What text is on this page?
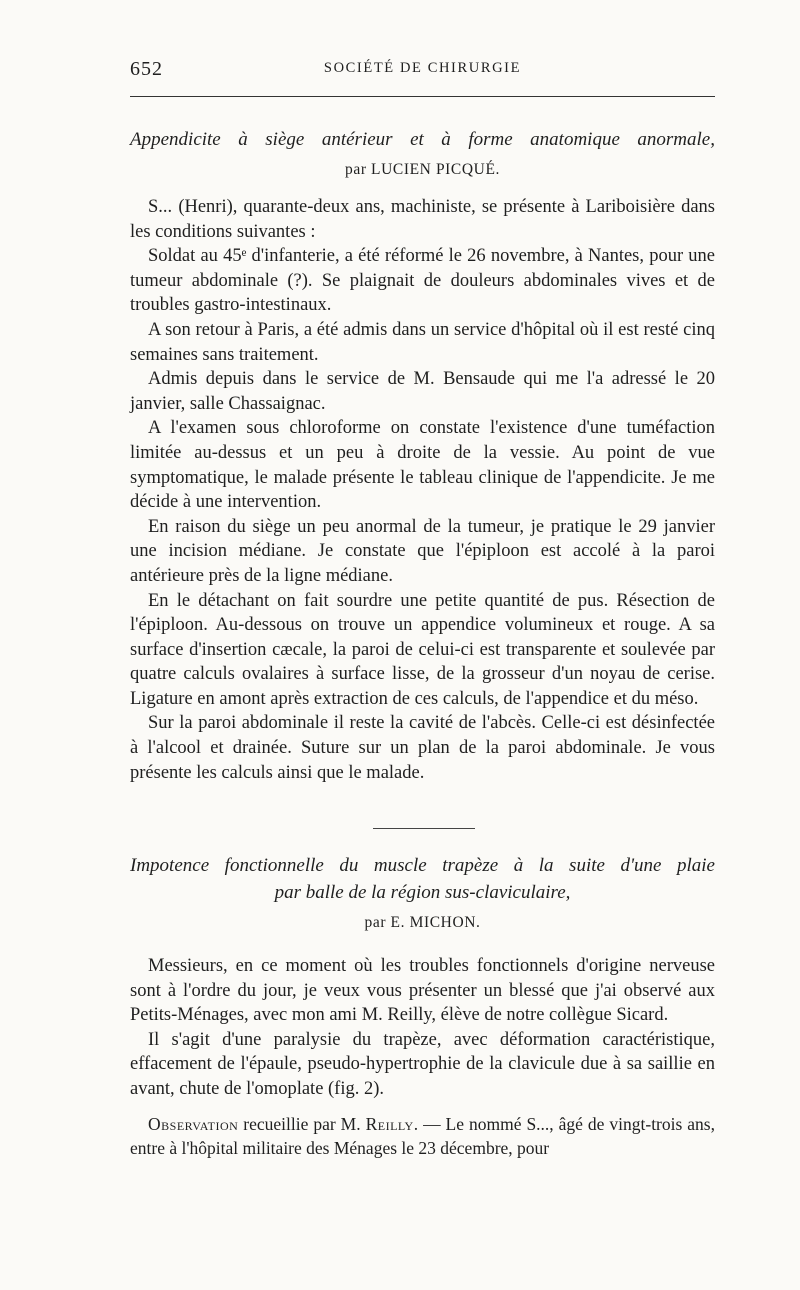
652	SOCIÉTÉ DE CHIRURGIE

Appendicite à siège antérieur et à forme anatomique anormale,

par LUCIEN PICQUÉ.

S... (Henri), quarante-deux ans, machiniste, se présente à Lariboisière dans les conditions suivantes :

Soldat au 45ᵉ d'infanterie, a été réformé le 26 novembre, à Nantes, pour une tumeur abdominale (?). Se plaignait de douleurs abdominales vives et de troubles gastro-intestinaux.

A son retour à Paris, a été admis dans un service d'hôpital où il est resté cinq semaines sans traitement.

Admis depuis dans le service de M. Bensaude qui me l'a adressé le 20 janvier, salle Chassaignac.

A l'examen sous chloroforme on constate l'existence d'une tuméfaction limitée au-dessus et un peu à droite de la vessie. Au point de vue symptomatique, le malade présente le tableau clinique de l'appendicite. Je me décide à une intervention.

En raison du siège un peu anormal de la tumeur, je pratique le 29 janvier une incision médiane. Je constate que l'épiploon est accolé à la paroi antérieure près de la ligne médiane.

En le détachant on fait sourdre une petite quantité de pus. Résection de l'épiploon. Au-dessous on trouve un appendice volumineux et rouge. A sa surface d'insertion cæcale, la paroi de celui-ci est transparente et soulevée par quatre calculs ovalaires à surface lisse, de la grosseur d'un noyau de cerise. Ligature en amont après extraction de ces calculs, de l'appendice et du méso.

Sur la paroi abdominale il reste la cavité de l'abcès. Celle-ci est désinfectée à l'alcool et drainée. Suture sur un plan de la paroi abdominale. Je vous présente les calculs ainsi que le malade.

Impotence fonctionnelle du muscle trapèze à la suite d'une plaie

par balle de la région sus-claviculaire,

par E. MICHON.

Messieurs, en ce moment où les troubles fonctionnels d'origine nerveuse sont à l'ordre du jour, je veux vous présenter un blessé que j'ai observé aux Petits-Ménages, avec mon ami M. Reilly, élève de notre collègue Sicard.

Il s'agit d'une paralysie du trapèze, avec déformation caractéristique, effacement de l'épaule, pseudo-hypertrophie de la clavicule due à sa saillie en avant, chute de l'omoplate (fig. 2).

Observation recueillie par M. Reilly. — Le nommé S..., âgé de vingt-trois ans, entre à l'hôpital militaire des Ménages le 23 décembre, pour
